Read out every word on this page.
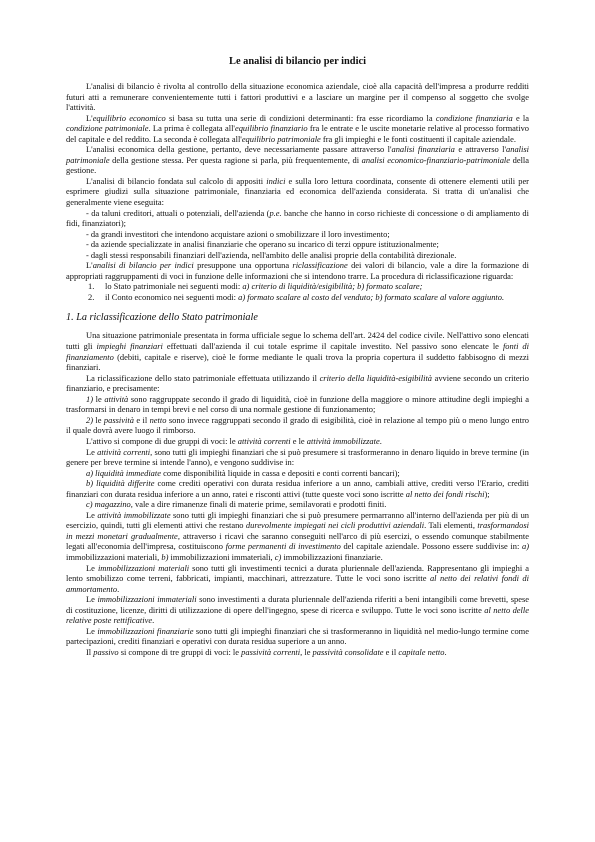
Le analisi di bilancio per indici

L'analisi di bilancio è rivolta al controllo della situazione economica aziendale, cioè alla capacità dell'impresa a produrre redditi futuri atti a remunerare convenientemente tutti i fattori produttivi e a lasciare un margine per il compenso al soggetto che svolge l'attività.

L'equilibrio economico si basa su tutta una serie di condizioni determinanti: fra esse ricordiamo la condizione finanziaria e la condizione patrimoniale. La prima è collegata all'equilibrio finanziario fra le entrate e le uscite monetarie relative al processo formativo del capitale e del reddito. La seconda è collegata all'equilibrio patrimoniale fra gli impieghi e le fonti costituenti il capitale aziendale.

L'analisi economica della gestione, pertanto, deve necessariamente passare attraverso l'analisi finanziaria e attraverso l'analisi patrimoniale della gestione stessa. Per questa ragione si parla, più frequentemente, di analisi economico-finanziario-patrimoniale della gestione.

L'analisi di bilancio fondata sul calcolo di appositi indici e sulla loro lettura coordinata, consente di ottenere elementi utili per esprimere giudizi sulla situazione patrimoniale, finanziaria ed economica dell'azienda considerata. Si tratta di un'analisi che generalmente viene eseguita:

- da taluni creditori, attuali o potenziali, dell'azienda (p.e. banche che hanno in corso richieste di concessione o di ampliamento di fidi, finanziatori);

- da grandi investitori che intendono acquistare azioni o smobilizzare il loro investimento;

- da aziende specializzate in analisi finanziarie che operano su incarico di terzi oppure istituzionalmente;

- dagli stessi responsabili finanziari dell'azienda, nell'ambito delle analisi proprie della contabilità direzionale.

L'analisi di bilancio per indici presuppone una opportuna riclassificazione dei valori di bilancio, vale a dire la formazione di appropriati raggruppamenti di voci in funzione delle informazioni che si intendono trarre. La procedura di riclassificazione riguarda:

1. lo Stato patrimoniale nei seguenti modi: a) criterio di liquidità/esigibilità; b) formato scalare;
2. il Conto economico nei seguenti modi: a) formato scalare al costo del venduto; b) formato scalare al valore aggiunto.
1. La riclassificazione dello Stato patrimoniale

Una situazione patrimoniale presentata in forma ufficiale segue lo schema dell'art. 2424 del codice civile. Nell'attivo sono elencati tutti gli impieghi finanziari effettuati dall'azienda il cui totale esprime il capitale investito. Nel passivo sono elencate le fonti di finanziamento (debiti, capitale e riserve), cioè le forme mediante le quali trova la propria copertura il suddetto fabbisogno di mezzi finanziari.

La riclassificazione dello stato patrimoniale effettuata utilizzando il criterio della liquidità-esigibilità avviene secondo un criterio finanziario, e precisamente:

1) le attività sono raggruppate secondo il grado di liquidità, cioè in funzione della maggiore o minore attitudine degli impieghi a trasformarsi in denaro in tempi brevi e nel corso di una normale gestione di funzionamento;

2) le passività e il netto sono invece raggruppati secondo il grado di esigibilità, cioè in relazione al tempo più o meno lungo entro il quale dovrà avere luogo il rimborso.

L'attivo si compone di due gruppi di voci: le attività correnti e le attività immobilizzate.

Le attività correnti, sono tutti gli impieghi finanziari che si può presumere si trasformeranno in denaro liquido in breve termine (in genere per breve termine si intende l'anno), e vengono suddivise in:

a) liquidità immediate come disponibilità liquide in cassa e depositi e conti correnti bancari);

b) liquidità differite come crediti operativi con durata residua inferiore a un anno, cambiali attive, crediti verso l'Erario, crediti finanziari con durata residua inferiore a un anno, ratei e risconti attivi (tutte queste voci sono iscritte al netto dei fondi rischi);

c) magazzino, vale a dire rimanenze finali di materie prime, semilavorati e prodotti finiti.

Le attività immobilizzate sono tutti gli impieghi finanziari che si può presumere permarranno all'interno dell'azienda per più di un esercizio, quindi, tutti gli elementi attivi che restano durevolmente impiegati nei cicli produttivi aziendali. Tali elementi, trasformandosi in mezzi monetari gradualmente, attraverso i ricavi che saranno conseguiti nell'arco di più esercizi, o essendo comunque stabilmente legati all'economia dell'impresa, costituiscono forme permanenti di investimento del capitale aziendale. Possono essere suddivise in: a) immobilizzazioni materiali, b) immobilizzazioni immateriali, c) immobilizzazioni finanziarie.

Le immobilizzazioni materiali sono tutti gli investimenti tecnici a durata pluriennale dell'azienda. Rappresentano gli impieghi a lento smobilizzo come terreni, fabbricati, impianti, macchinari, attrezzature. Tutte le voci sono iscritte al netto dei relativi fondi di ammortamento.

Le immobilizzazioni immateriali sono investimenti a durata pluriennale dell'azienda riferiti a beni intangibili come brevetti, spese di costituzione, licenze, diritti di utilizzazione di opere dell'ingegno, spese di ricerca e sviluppo. Tutte le voci sono iscritte al netto delle relative poste rettificative.

Le immobilizzazioni finanziarie sono tutti gli impieghi finanziari che si trasformeranno in liquidità nel medio-lungo termine come partecipazioni, crediti finanziari e operativi con durata residua superiore a un anno.

Il passivo si compone di tre gruppi di voci: le passività correnti, le passività consolidate e il capitale netto.
